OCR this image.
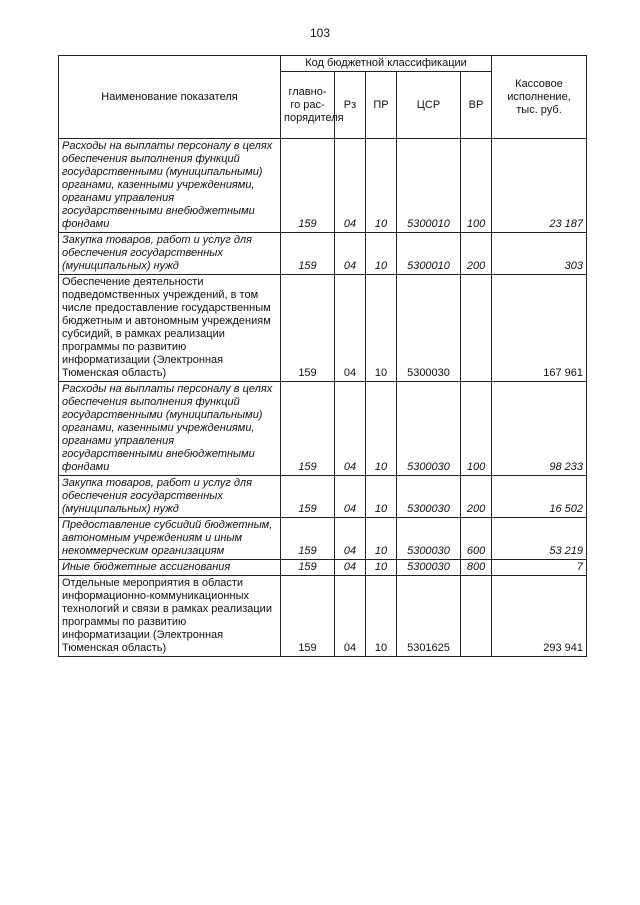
103
Наименование показателя	Код бюджетной классификации					Кассовое исполнение, тыс. руб.
	главно-го рас-порядителя	Рз	ПР	ЦСР	ВР	
Расходы на выплаты персоналу в целях обеспечения выполнения функций государственными (муниципальными) органами, казенными учреждениями, органами управления государственными внебюджетными фондами	159	04	10	5300010	100	23 187
Закупка товаров, работ и услуг для обеспечения государственных (муниципальных) нужд	159	04	10	5300010	200	303
Обеспечение деятельности подведомственных учреждений, в том числе предоставление государственным бюджетным и автономным учреждениям субсидий, в рамках реализации программы по развитию информатизации (Электронная Тюменская область)	159	04	10	5300030		167 961
Расходы на выплаты персоналу в целях обеспечения выполнения функций государственными (муниципальными) органами, казенными учреждениями, органами управления государственными внебюджетными фондами	159	04	10	5300030	100	98 233
Закупка товаров, работ и услуг для обеспечения государственных (муниципальных) нужд	159	04	10	5300030	200	16 502
Предоставление субсидий бюджетным, автономным учреждениям и иным некоммерческим организациям	159	04	10	5300030	600	53 219
Иные бюджетные ассигнования	159	04	10	5300030	800	7
Отдельные мероприятия в области информационно-коммуникационных технологий и связи в рамках реализации программы по развитию информатизации (Электронная Тюменская область)	159	04	10	5301625		293 941
